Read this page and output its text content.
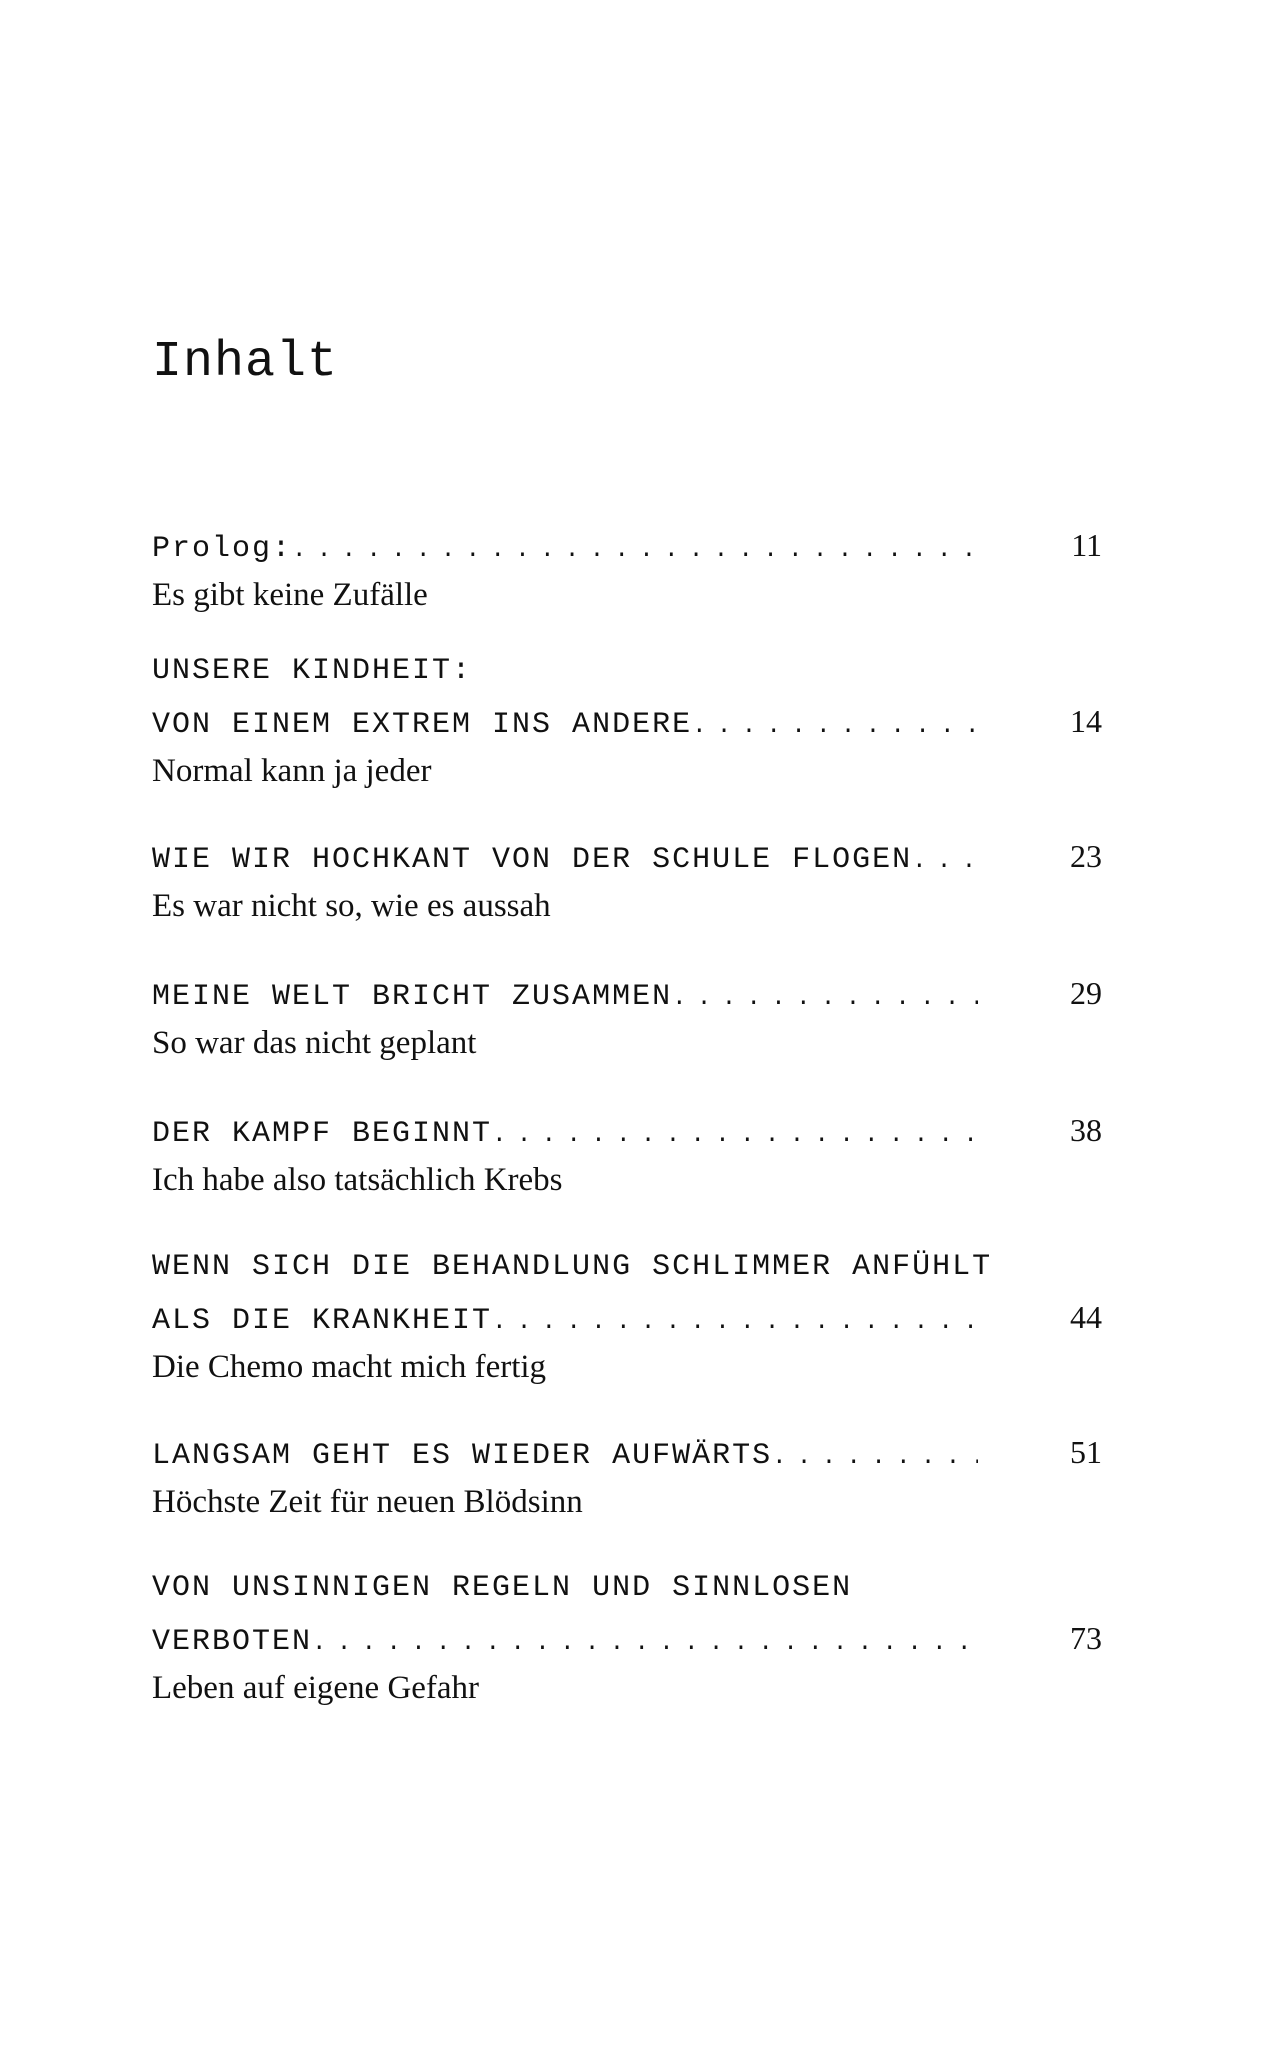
Inhalt
Prolog: . . .	11
Es gibt keine Zufälle
UNSERE KINDHEIT:
VON EINEM EXTREM INS ANDERE . . .	14
Normal kann ja jeder
WIE WIR HOCHKANT VON DER SCHULE FLOGEN . . .	23
Es war nicht so, wie es aussah
MEINE WELT BRICHT ZUSAMMEN . . .	29
So war das nicht geplant
DER KAMPF BEGINNT . . .	38
Ich habe also tatsächlich Krebs
WENN SICH DIE BEHANDLUNG SCHLIMMER ANFÜHLT
ALS DIE KRANKHEIT . . .	44
Die Chemo macht mich fertig
LANGSAM GEHT ES WIEDER AUFWÄRTS . . .	51
Höchste Zeit für neuen Blödsinn
VON UNSINNIGEN REGELN UND SINNLOSEN
VERBOTEN . . .	73
Leben auf eigene Gefahr
